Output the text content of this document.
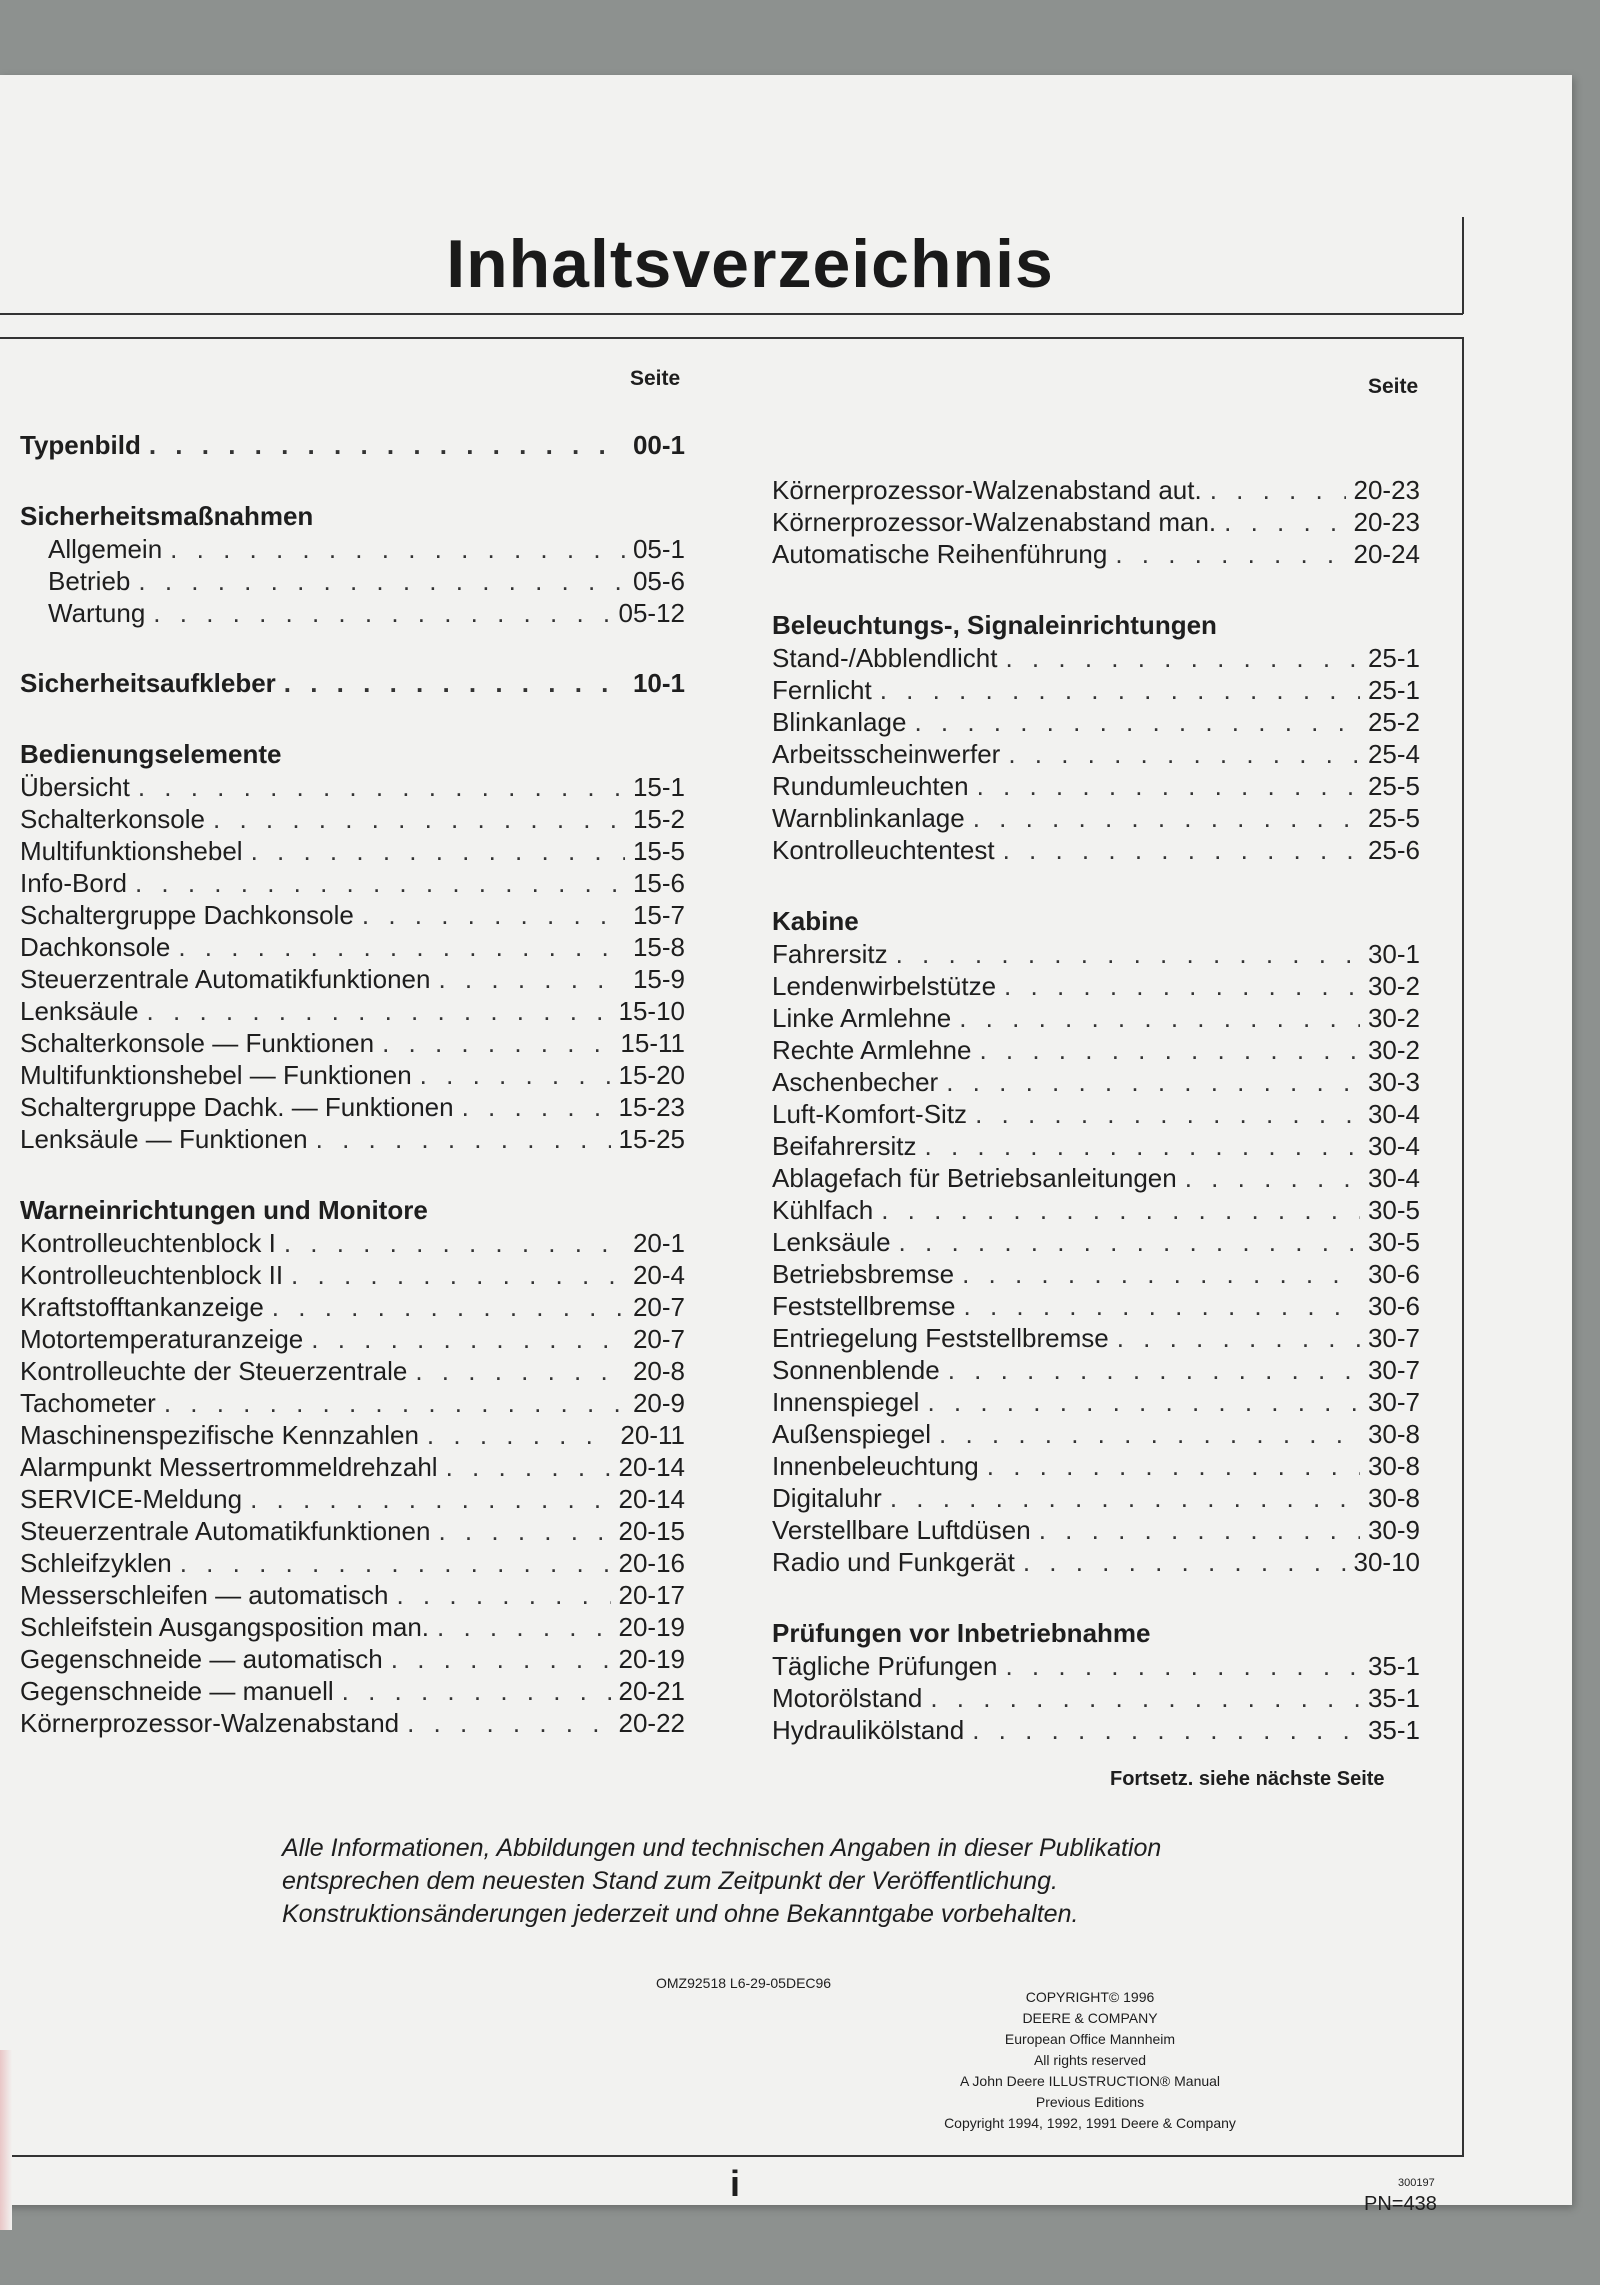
Inhaltsverzeichnis
Seite	Seite
Typenbild . . .	00-1
Sicherheitsmaßnahmen
Allgemein . . .	05-1
Betrieb . . .	05-6
Wartung . . .	05-12
Sicherheitsaufkleber . . .	10-1
Bedienungselemente
Übersicht . . .	15-1
Schalterkonsole . . .	15-2
Multifunktionshebel . . .	15-5
Info-Bord . . .	15-6
Schaltergruppe Dachkonsole . . .	15-7
Dachkonsole . . .	15-8
Steuerzentrale Automatikfunktionen . . .	15-9
Lenksäule . . .	15-10
Schalterkonsole — Funktionen . . .	15-11
Multifunktionshebel — Funktionen . . .	15-20
Schaltergruppe Dachk. — Funktionen . . .	15-23
Lenksäule — Funktionen . . .	15-25
Warneinrichtungen und Monitore
Kontrolleuchtenblock I . . .	20-1
Kontrolleuchtenblock II . . .	20-4
Kraftstofftankanzeige . . .	20-7
Motortemperaturanzeige . . .	20-7
Kontrolleuchte der Steuerzentrale . . .	20-8
Tachometer . . .	20-9
Maschinenspezifische Kennzahlen . . .	20-11
Alarmpunkt Messertrommeldrehzahl . . .	20-14
SERVICE-Meldung . . .	20-14
Steuerzentrale Automatikfunktionen . . .	20-15
Schleifzyklen . . .	20-16
Messerschleifen — automatisch . . .	20-17
Schleifstein Ausgangsposition man. . . .	20-19
Gegenschneide — automatisch . . .	20-19
Gegenschneide — manuell . . .	20-21
Körnerprozessor-Walzenabstand . . .	20-22
Körnerprozessor-Walzenabstand aut. . . .	20-23
Körnerprozessor-Walzenabstand man. . . .	20-23
Automatische Reihenführung . . .	20-24
Beleuchtungs-, Signaleinrichtungen
Stand-/Abblendlicht . . .	25-1
Fernlicht . . .	25-1
Blinkanlage . . .	25-2
Arbeitsscheinwerfer . . .	25-4
Rundumleuchten . . .	25-5
Warnblinkanlage . . .	25-5
Kontrolleuchtentest . . .	25-6
Kabine
Fahrersitz . . .	30-1
Lendenwirbelstütze . . .	30-2
Linke Armlehne . . .	30-2
Rechte Armlehne . . .	30-2
Aschenbecher . . .	30-3
Luft-Komfort-Sitz . . .	30-4
Beifahrersitz . . .	30-4
Ablagefach für Betriebsanleitungen . . .	30-4
Kühlfach . . .	30-5
Lenksäule . . .	30-5
Betriebsbremse . . .	30-6
Feststellbremse . . .	30-6
Entriegelung Feststellbremse . . .	30-7
Sonnenblende . . .	30-7
Innenspiegel . . .	30-7
Außenspiegel . . .	30-8
Innenbeleuchtung . . .	30-8
Digitaluhr . . .	30-8
Verstellbare Luftdüsen . . .	30-9
Radio und Funkgerät . . .	30-10
Prüfungen vor Inbetriebnahme
Tägliche Prüfungen . . .	35-1
Motorölstand . . .	35-1
Hydraulikölstand . . .	35-1
Fortsetz. siehe nächste Seite
Alle Informationen, Abbildungen und technischen Angaben in dieser Publikation entsprechen dem neuesten Stand zum Zeitpunkt der Veröffentlichung. Konstruktionsänderungen jederzeit und ohne Bekanntgabe vorbehalten.
OMZ92518 L6-29-05DEC96
COPYRIGHT© 1996
DEERE & COMPANY
European Office Mannheim
All rights reserved
A John Deere ILLUSTRUCTION® Manual
Previous Editions
Copyright 1994, 1992, 1991 Deere & Company
i	300197
PN=438
